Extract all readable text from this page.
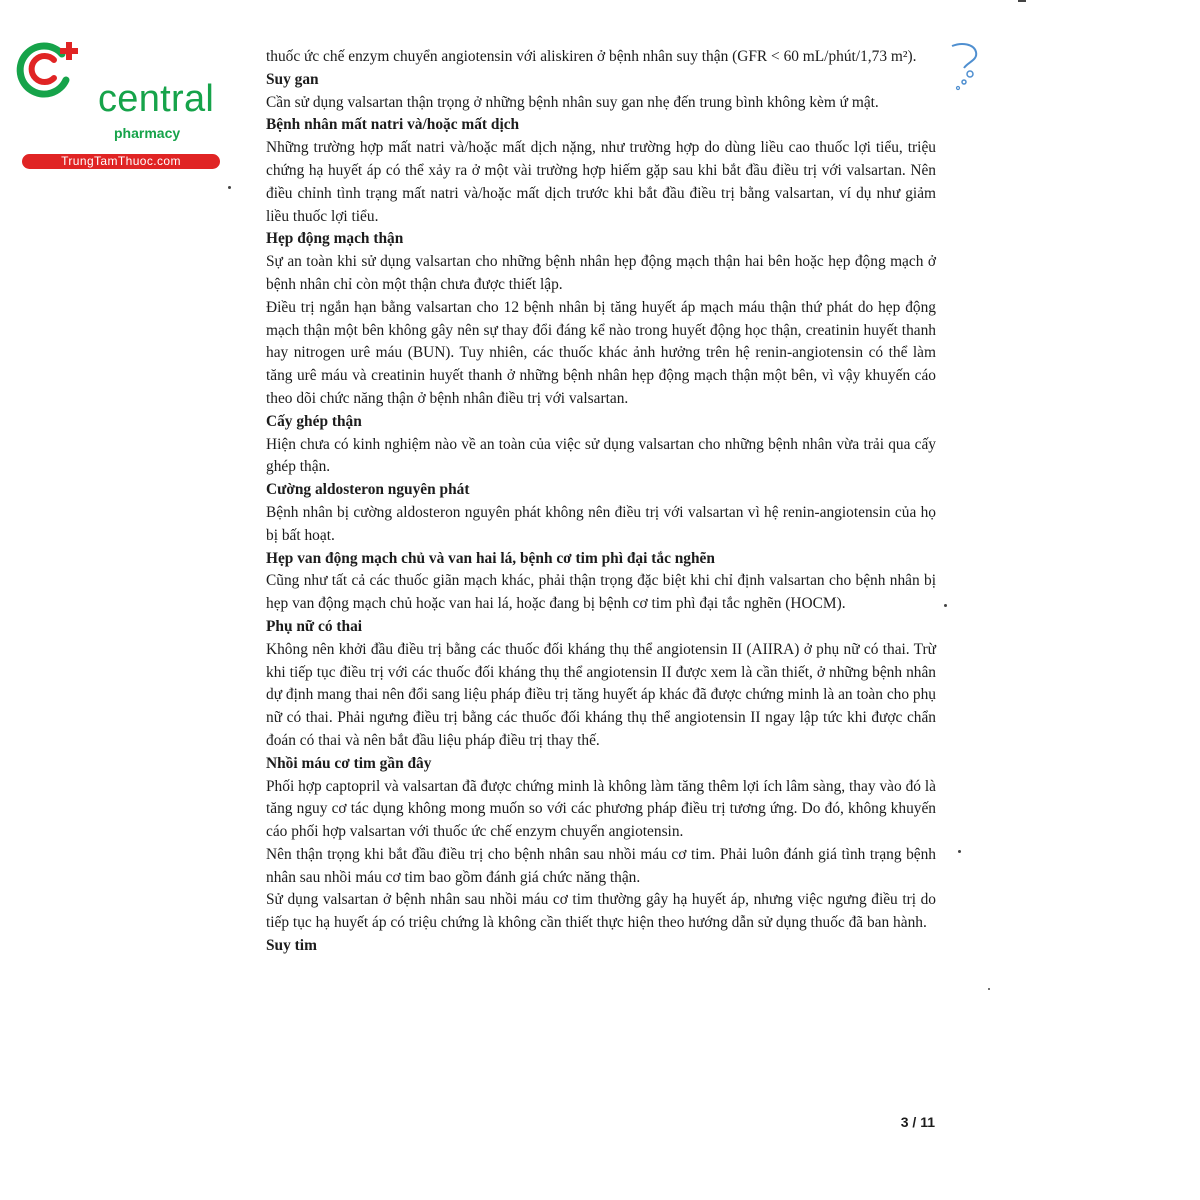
central
pharmacy
TrungTamThuoc.com

thuốc ức chế enzym chuyển angiotensin với aliskiren ở bệnh nhân suy thận (GFR < 60 mL/phút/1,73 m²).

Suy gan

Cần sử dụng valsartan thận trọng ở những bệnh nhân suy gan nhẹ đến trung bình không kèm ứ mật.

Bệnh nhân mất natri và/hoặc mất dịch

Những trường hợp mất natri và/hoặc mất dịch nặng, như trường hợp do dùng liều cao thuốc lợi tiểu, triệu chứng hạ huyết áp có thể xảy ra ở một vài trường hợp hiếm gặp sau khi bắt đầu điều trị với valsartan. Nên điều chỉnh tình trạng mất natri và/hoặc mất dịch trước khi bắt đầu điều trị bằng valsartan, ví dụ như giảm liều thuốc lợi tiểu.

Hẹp động mạch thận

Sự an toàn khi sử dụng valsartan cho những bệnh nhân hẹp động mạch thận hai bên hoặc hẹp động mạch ở bệnh nhân chỉ còn một thận chưa được thiết lập.

Điều trị ngắn hạn bằng valsartan cho 12 bệnh nhân bị tăng huyết áp mạch máu thận thứ phát do hẹp động mạch thận một bên không gây nên sự thay đổi đáng kể nào trong huyết động học thận, creatinin huyết thanh hay nitrogen urê máu (BUN). Tuy nhiên, các thuốc khác ảnh hưởng trên hệ renin-angiotensin có thể làm tăng urê máu và creatinin huyết thanh ở những bệnh nhân hẹp động mạch thận một bên, vì vậy khuyến cáo theo dõi chức năng thận ở bệnh nhân điều trị với valsartan.

Cấy ghép thận

Hiện chưa có kinh nghiệm nào về an toàn của việc sử dụng valsartan cho những bệnh nhân vừa trải qua cấy ghép thận.

Cường aldosteron nguyên phát

Bệnh nhân bị cường aldosteron nguyên phát không nên điều trị với valsartan vì hệ renin-angiotensin của họ bị bất hoạt.

Hẹp van động mạch chủ và van hai lá, bệnh cơ tim phì đại tắc nghẽn

Cũng như tất cả các thuốc giãn mạch khác, phải thận trọng đặc biệt khi chỉ định valsartan cho bệnh nhân bị hẹp van động mạch chủ hoặc van hai lá, hoặc đang bị bệnh cơ tim phì đại tắc nghẽn (HOCM).

Phụ nữ có thai

Không nên khởi đầu điều trị bằng các thuốc đối kháng thụ thể angiotensin II (AIIRA) ở phụ nữ có thai. Trừ khi tiếp tục điều trị với các thuốc đối kháng thụ thể angiotensin II được xem là cần thiết, ở những bệnh nhân dự định mang thai nên đổi sang liệu pháp điều trị tăng huyết áp khác đã được chứng minh là an toàn cho phụ nữ có thai. Phải ngưng điều trị bằng các thuốc đối kháng thụ thể angiotensin II ngay lập tức khi được chẩn đoán có thai và nên bắt đầu liệu pháp điều trị thay thế.

Nhồi máu cơ tim gần đây

Phối hợp captopril và valsartan đã được chứng minh là không làm tăng thêm lợi ích lâm sàng, thay vào đó là tăng nguy cơ tác dụng không mong muốn so với các phương pháp điều trị tương ứng. Do đó, không khuyến cáo phối hợp valsartan với thuốc ức chế enzym chuyển angiotensin.

Nên thận trọng khi bắt đầu điều trị cho bệnh nhân sau nhồi máu cơ tim. Phải luôn đánh giá tình trạng bệnh nhân sau nhồi máu cơ tim bao gồm đánh giá chức năng thận.

Sử dụng valsartan ở bệnh nhân sau nhồi máu cơ tim thường gây hạ huyết áp, nhưng việc ngưng điều trị do tiếp tục hạ huyết áp có triệu chứng là không cần thiết thực hiện theo hướng dẫn sử dụng thuốc đã ban hành.

Suy tim
3 / 11
